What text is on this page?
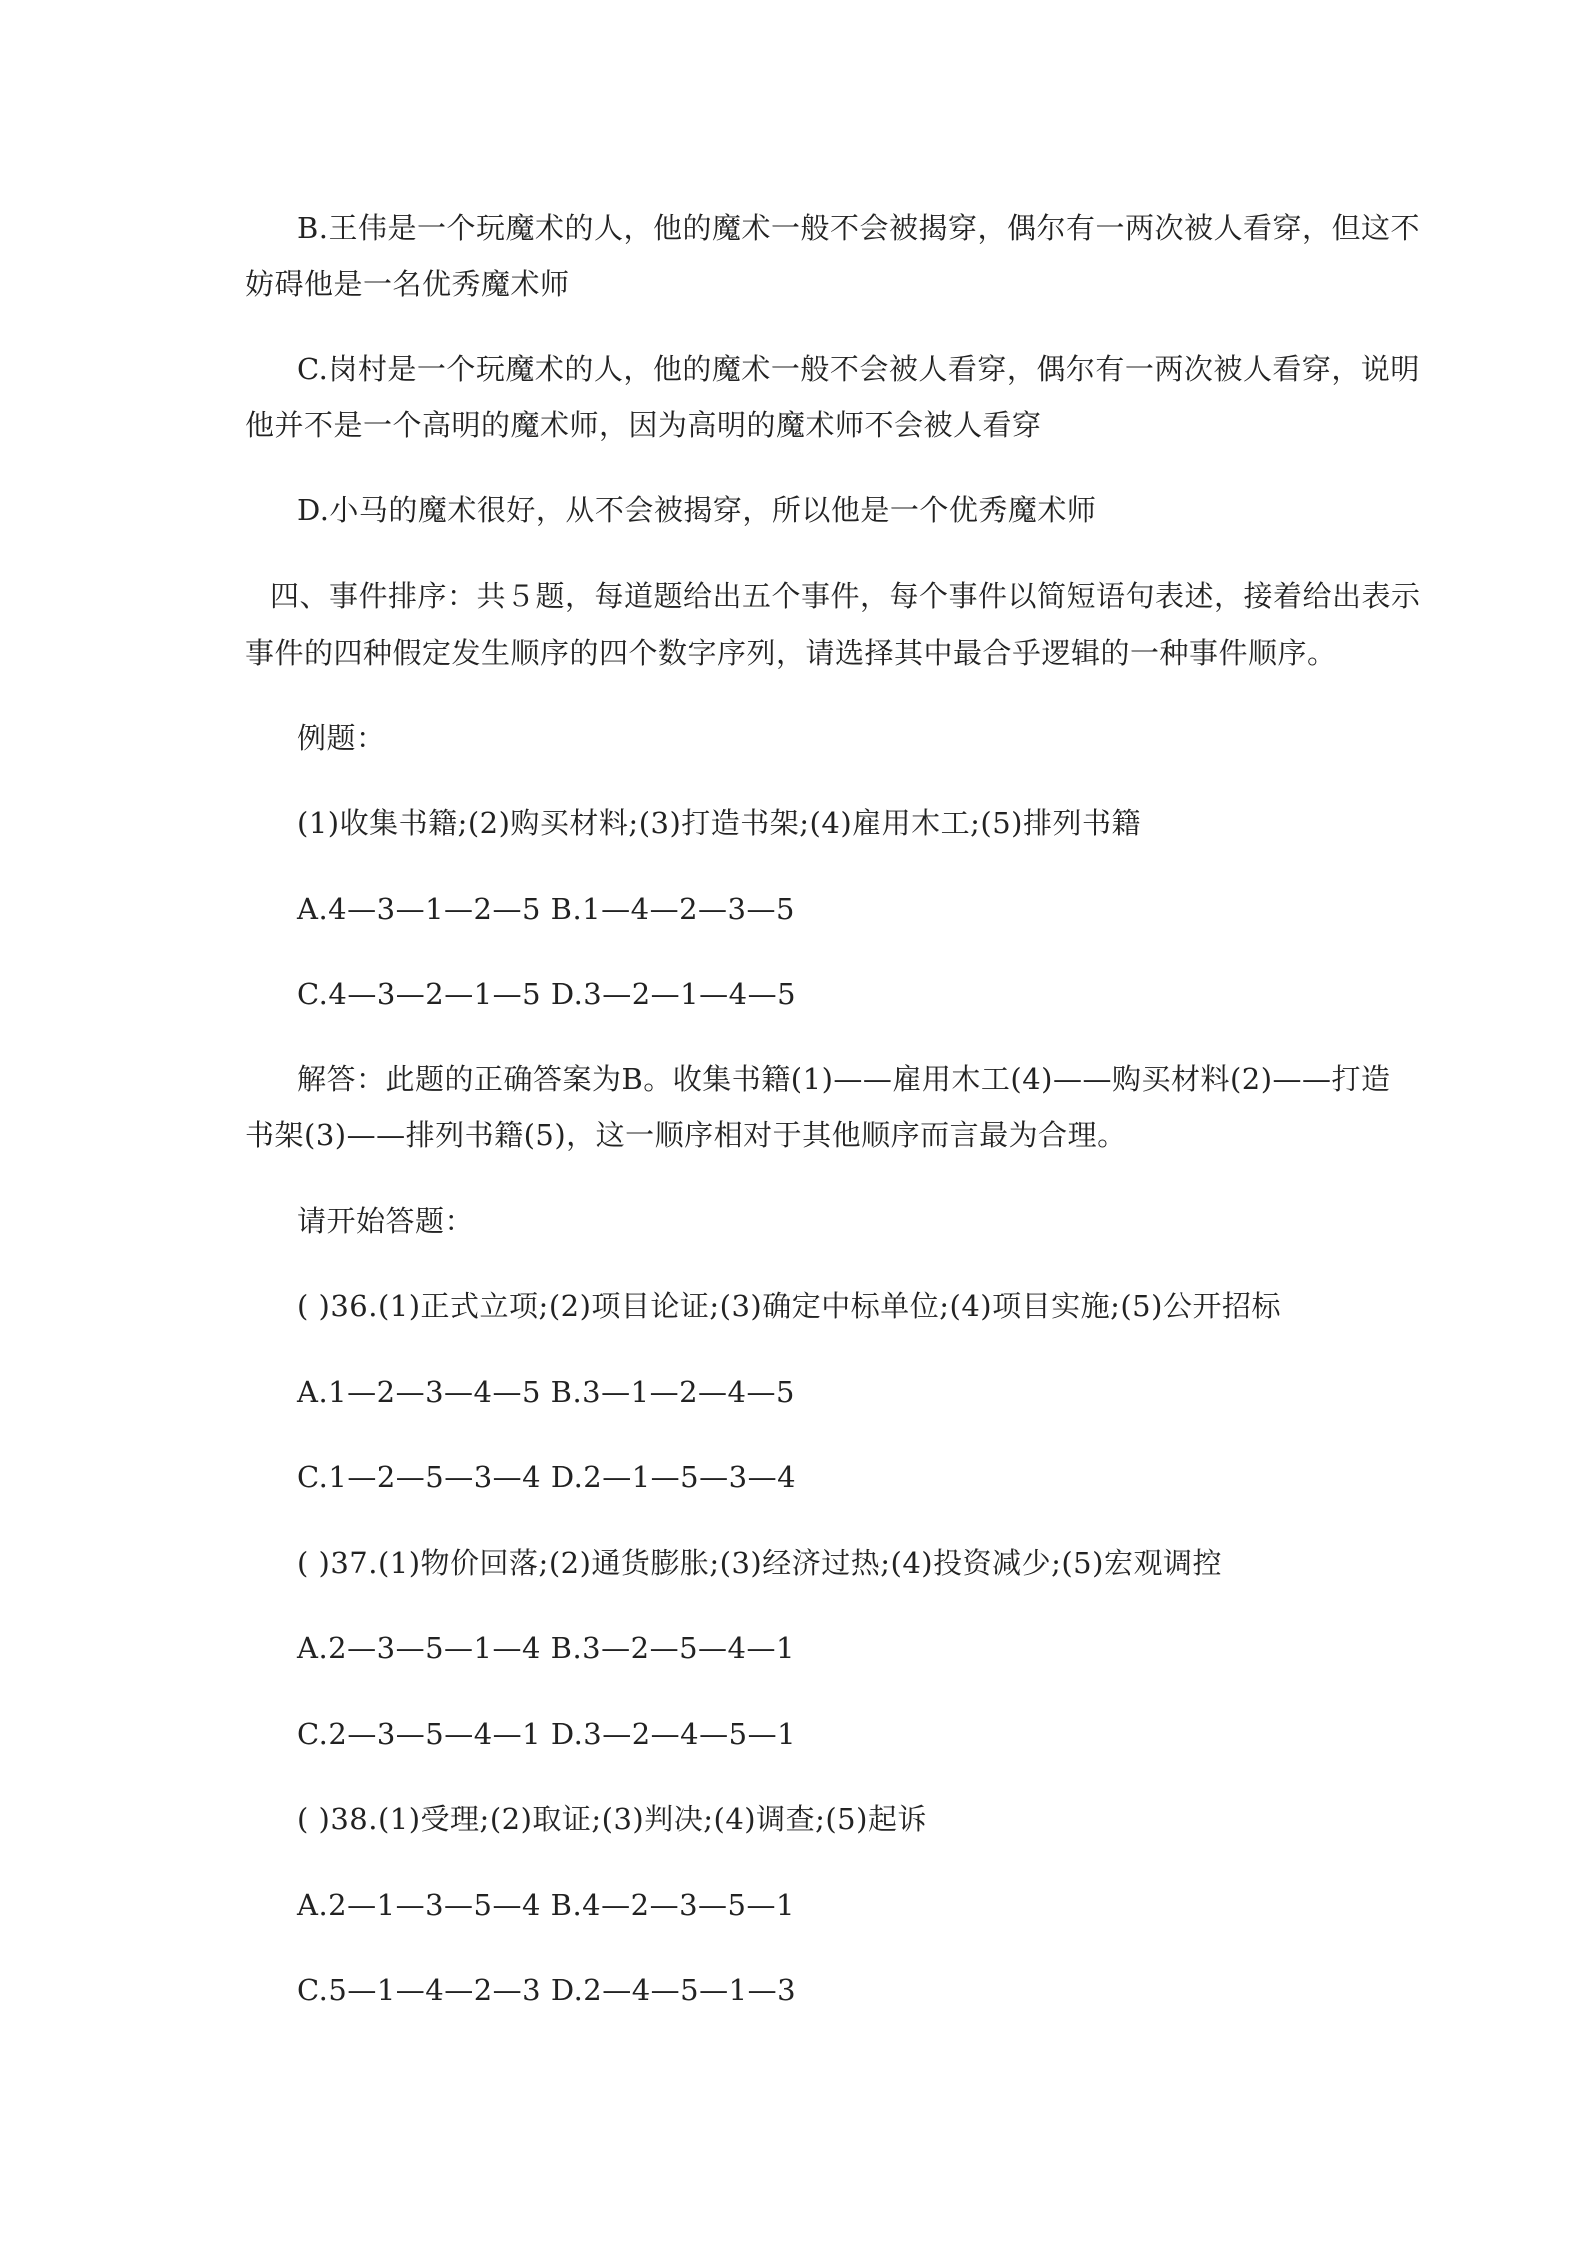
B.王伟是一个玩魔术的人，他的魔术一般不会被揭穿，偶尔有一两次被人看穿，但这不
妨碍他是一名优秀魔术师
C.岗村是一个玩魔术的人，他的魔术一般不会被人看穿，偶尔有一两次被人看穿，说明
他并不是一个高明的魔术师，因为高明的魔术师不会被人看穿
D.小马的魔术很好，从不会被揭穿，所以他是一个优秀魔术师
四、事件排序：共５题，每道题给出五个事件，每个事件以简短语句表述，接着给出表示
事件的四种假定发生顺序的四个数字序列，请选择其中最合乎逻辑的一种事件顺序。
例题：
(1)收集书籍;(2)购买材料;(3)打造书架;(4)雇用木工;(5)排列书籍
A.4—3—1—2—5 B.1—4—2—3—5
C.4—3—2—1—5 D.3—2—1—4—5
解答：此题的正确答案为B。收集书籍(1)——雇用木工(4)——购买材料(2)——打造
书架(3)——排列书籍(5)，这一顺序相对于其他顺序而言最为合理。
请开始答题：
( )36.(1)正式立项;(2)项目论证;(3)确定中标单位;(4)项目实施;(5)公开招标
A.1—2—3—4—5 B.3—1—2—4—5
C.1—2—5—3—4 D.2—1—5—3—4
( )37.(1)物价回落;(2)通货膨胀;(3)经济过热;(4)投资减少;(5)宏观调控
A.2—3—5—1—4 B.3—2—5—4—1
C.2—3—5—4—1 D.3—2—4—5—1
( )38.(1)受理;(2)取证;(3)判决;(4)调查;(5)起诉
A.2—1—3—5—4 B.4—2—3—5—1
C.5—1—4—2—3 D.2—4—5—1—3
